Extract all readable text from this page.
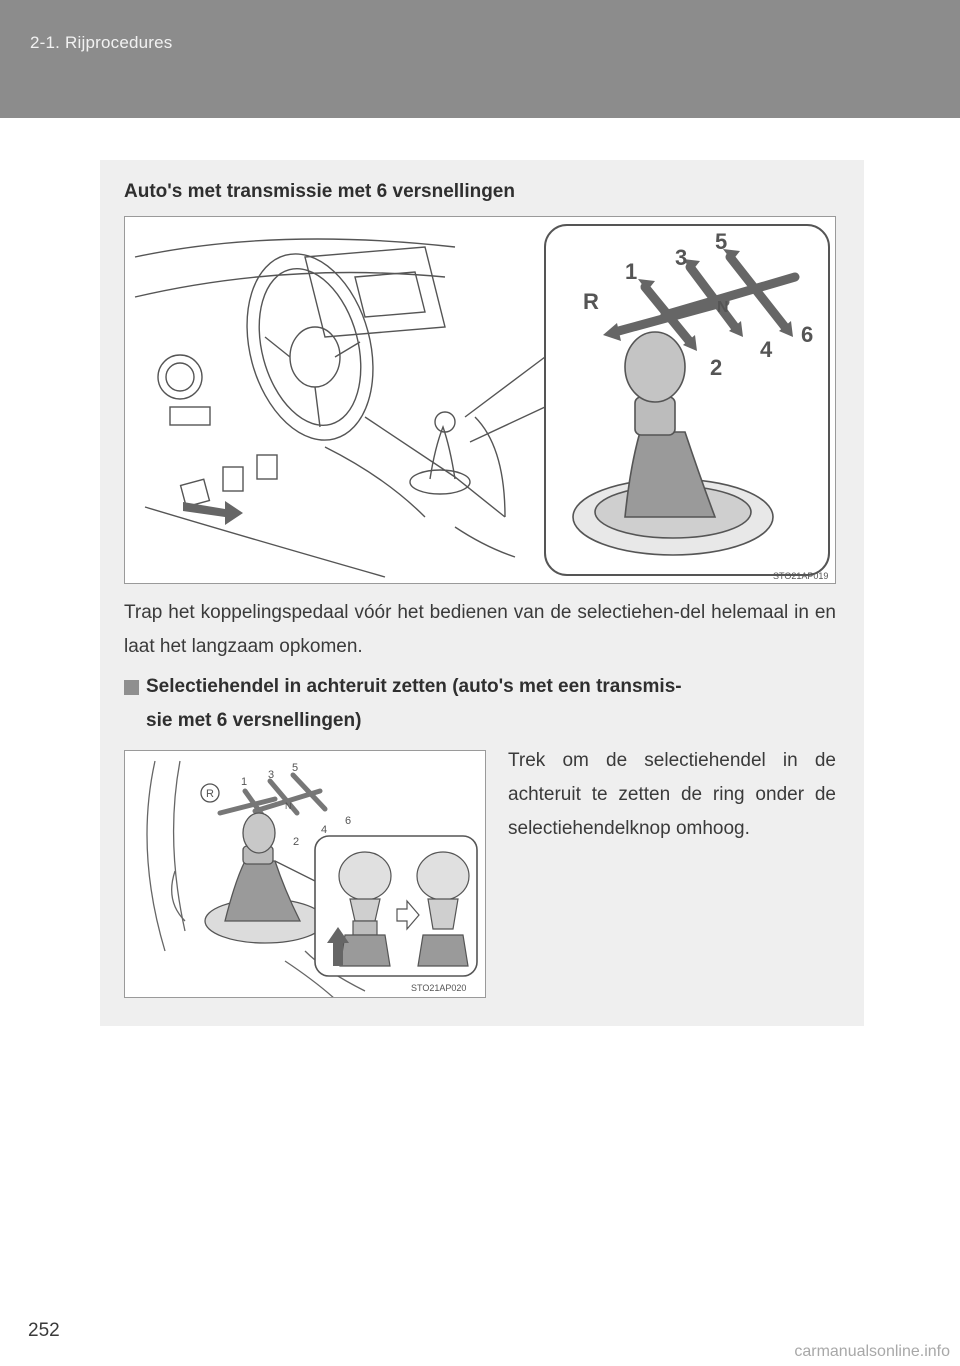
2-1. Rijprocedures
Auto's met transmissie met 6 versnellingen
R
1
3
5
N
2
4
6
STO21AP019
Trap het koppelingspedaal vóór het bedienen van de selectiehen-del helemaal in en laat het langzaam opkomen.
Selectiehendel in achteruit zetten (auto's met een transmis-
sie met 6 versnellingen)
R
1
3
5
N
2
4
6
STO21AP020
Trek om de selectiehendel in de achteruit te zetten de ring onder de selectiehendelknop omhoog.
252
carmanualsonline.info
